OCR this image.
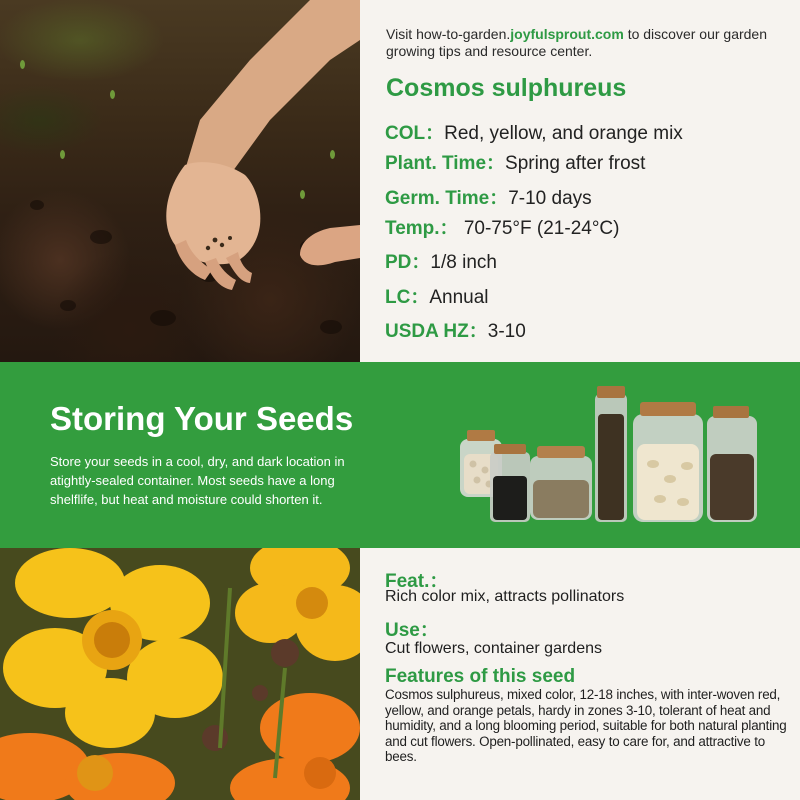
Visit how-to-garden.joyfulsprout.com to discover our garden growing tips and resource center.
Cosmos sulphureus
COL：Red, yellow, and orange mix
Plant. Time：Spring after frost
Germ. Time：7-10 days
Temp.： 70-75°F (21-24°C)
PD：1/8 inch
LC：Annual
USDA HZ：3-10
Storing Your Seeds
Store your seeds in a cool, dry, and dark location in atightly-sealed container. Most seeds have a long shelflife, but heat and moisture could shorten it.
Feat.：
Rich color mix, attracts pollinators
Use：
Cut flowers, container gardens
Features of this seed
Cosmos sulphureus, mixed color, 12-18 inches, with inter-woven red, yellow, and orange petals, hardy in zones 3-10, tolerant of heat and humidity, and a long blooming period, suitable for both natural planting and cut flowers. Open-pollinated, easy to care for, and attractive to bees.
